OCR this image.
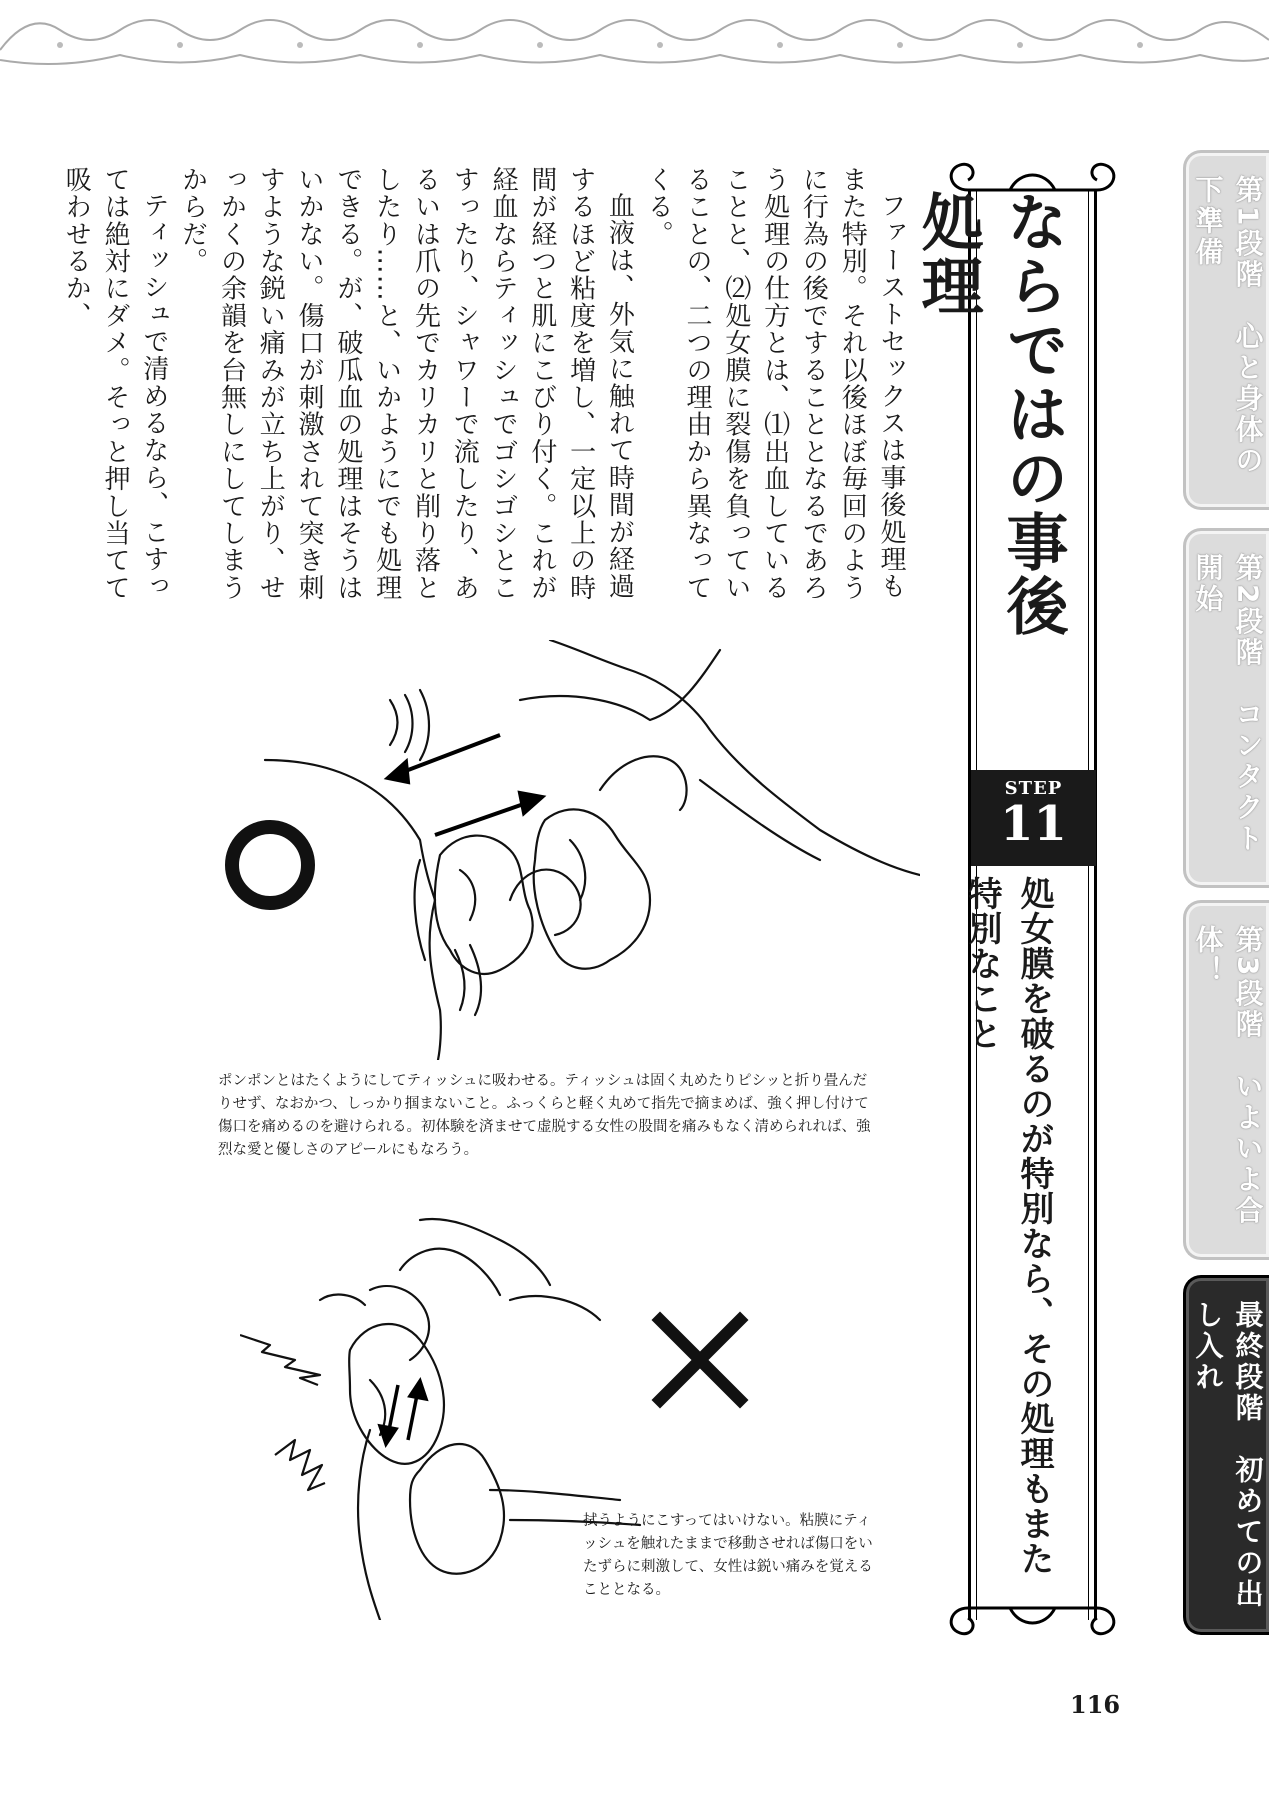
第1段階　心と身体の下準備
第2段階　コンタクト開始
第3段階　いよいよ合体！
最終段階　初めての出し入れ
ならではの事後処理
STEP
11
処女膜を破るのが特別なら、その処理もまた特別なこと

ファーストセックスは事後処理もまた特別。それ以後ほぼ毎回のように行為の後ですることとなるであろう処理の仕方とは、⑴出血していることと、⑵処女膜に裂傷を負っていることの、二つの理由から異なってくる。

血液は、外気に触れて時間が経過するほど粘度を増し、一定以上の時間が経つと肌にこびり付く。これが経血ならティッシュでゴシゴシとこすったり、シャワーで流したり、あるいは爪の先でカリカリと削り落としたり……と、いかようにでも処理できる。が、破瓜血の処理はそうはいかない。傷口が刺激されて突き刺すような鋭い痛みが立ち上がり、せっかくの余韻を台無しにしてしまうからだ。

ティッシュで清めるなら、こすっては絶対にダメ。そっと押し当てて吸わせるか、

ポンポンとはたくようにしてティッシュに吸わせる。ティッシュは固く丸めたりピシッと折り畳んだりせず、なおかつ、しっかり掴まないこと。ふっくらと軽く丸めて指先で摘まめば、強く押し付けて傷口を痛めるのを避けられる。初体験を済ませて虚脱する女性の股間を痛みもなく清められれば、強烈な愛と優しさのアピールにもなろう。
拭うようにこすってはいけない。粘膜にティッシュを触れたままで移動させれば傷口をいたずらに刺激して、女性は鋭い痛みを覚えることとなる。
116
